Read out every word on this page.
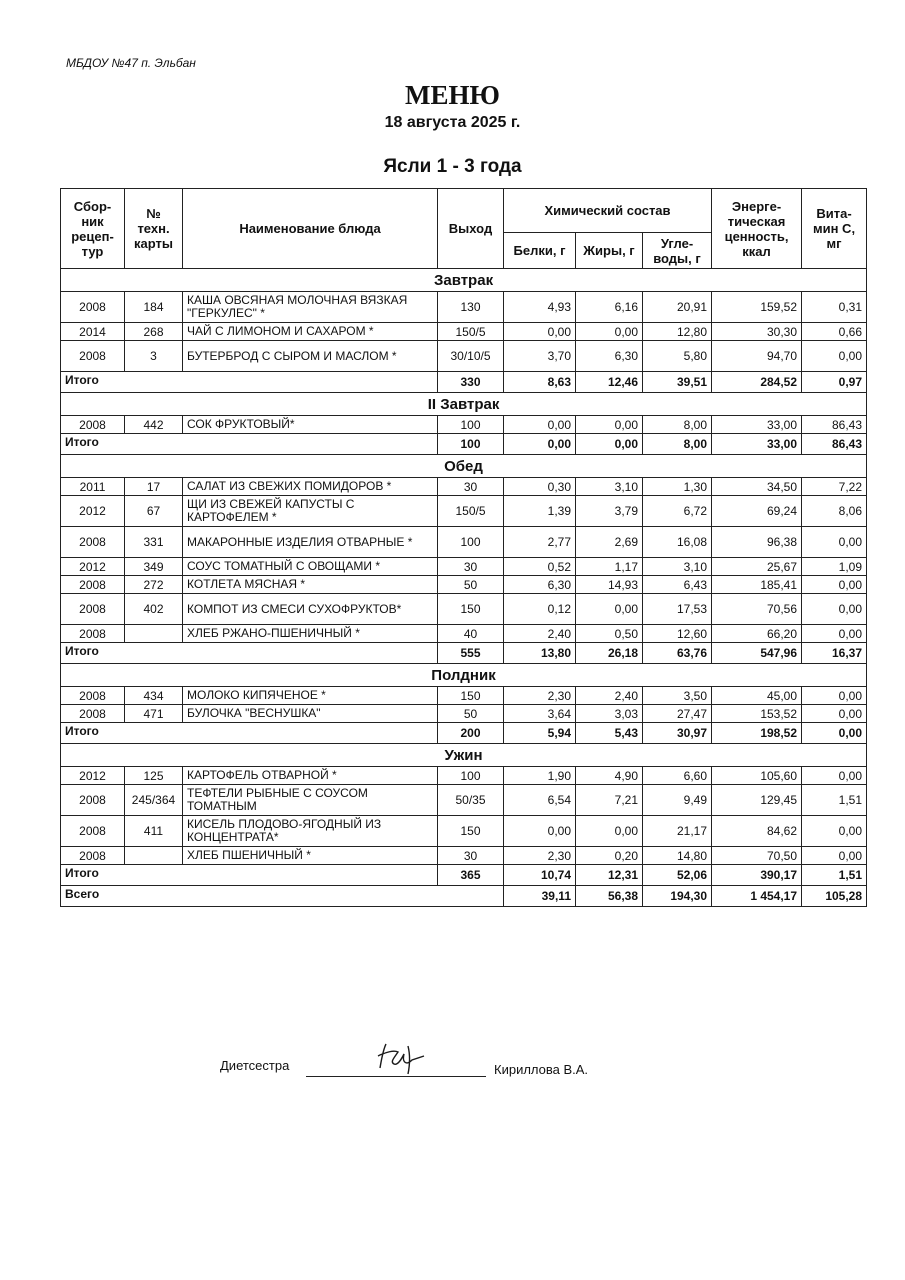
МБДОУ №47 п. Эльбан
МЕНЮ
18 августа 2025 г.
Ясли 1 - 3 года
Сбор-ник рецеп-тур	№ техн. карты	Наименование блюда	Выход	Химический состав			Энерге-тическая ценность, ккал	Вита-мин С, мг
				Белки, г	Жиры, г	Угле-воды, г		
Завтрак								
2008	184	КАША ОВСЯНАЯ МОЛОЧНАЯ ВЯЗКАЯ "ГЕРКУЛЕС" *	130	4,93	6,16	20,91	159,52	0,31
2014	268	ЧАЙ С ЛИМОНОМ И САХАРОМ *	150/5	0,00	0,00	12,80	30,30	0,66
2008	3	БУТЕРБРОД С СЫРОМ И МАСЛОМ *	30/10/5	3,70	6,30	5,80	94,70	0,00
Итого			330	8,63	12,46	39,51	284,52	0,97
II Завтрак								
2008	442	СОК ФРУКТОВЫЙ*	100	0,00	0,00	8,00	33,00	86,43
Итого			100	0,00	0,00	8,00	33,00	86,43
Обед								
2011	17	САЛАТ ИЗ СВЕЖИХ ПОМИДОРОВ *	30	0,30	3,10	1,30	34,50	7,22
2012	67	ЩИ ИЗ СВЕЖЕЙ КАПУСТЫ С КАРТОФЕЛЕМ *	150/5	1,39	3,79	6,72	69,24	8,06
2008	331	МАКАРОННЫЕ ИЗДЕЛИЯ ОТВАРНЫЕ *	100	2,77	2,69	16,08	96,38	0,00
2012	349	СОУС ТОМАТНЫЙ С ОВОЩАМИ *	30	0,52	1,17	3,10	25,67	1,09
2008	272	КОТЛЕТА МЯСНАЯ *	50	6,30	14,93	6,43	185,41	0,00
2008	402	КОМПОТ ИЗ СМЕСИ СУХОФРУКТОВ*	150	0,12	0,00	17,53	70,56	0,00
2008		ХЛЕБ РЖАНО-ПШЕНИЧНЫЙ *	40	2,40	0,50	12,60	66,20	0,00
Итого			555	13,80	26,18	63,76	547,96	16,37
Полдник								
2008	434	МОЛОКО КИПЯЧЕНОЕ *	150	2,30	2,40	3,50	45,00	0,00
2008	471	БУЛОЧКА "ВЕСНУШКА"	50	3,64	3,03	27,47	153,52	0,00
Итого			200	5,94	5,43	30,97	198,52	0,00
Ужин								
2012	125	КАРТОФЕЛЬ ОТВАРНОЙ *	100	1,90	4,90	6,60	105,60	0,00
2008	245/364	ТЕФТЕЛИ РЫБНЫЕ С СОУСОМ ТОМАТНЫМ	50/35	6,54	7,21	9,49	129,45	1,51
2008	411	КИСЕЛЬ ПЛОДОВО-ЯГОДНЫЙ ИЗ КОНЦЕНТРАТА*	150	0,00	0,00	21,17	84,62	0,00
2008		ХЛЕБ ПШЕНИЧНЫЙ *	30	2,30	0,20	14,80	70,50	0,00
Итого			365	10,74	12,31	52,06	390,17	1,51
Всего				39,11	56,38	194,30	1 454,17	105,28
Диетсестра	Кириллова В.А.
